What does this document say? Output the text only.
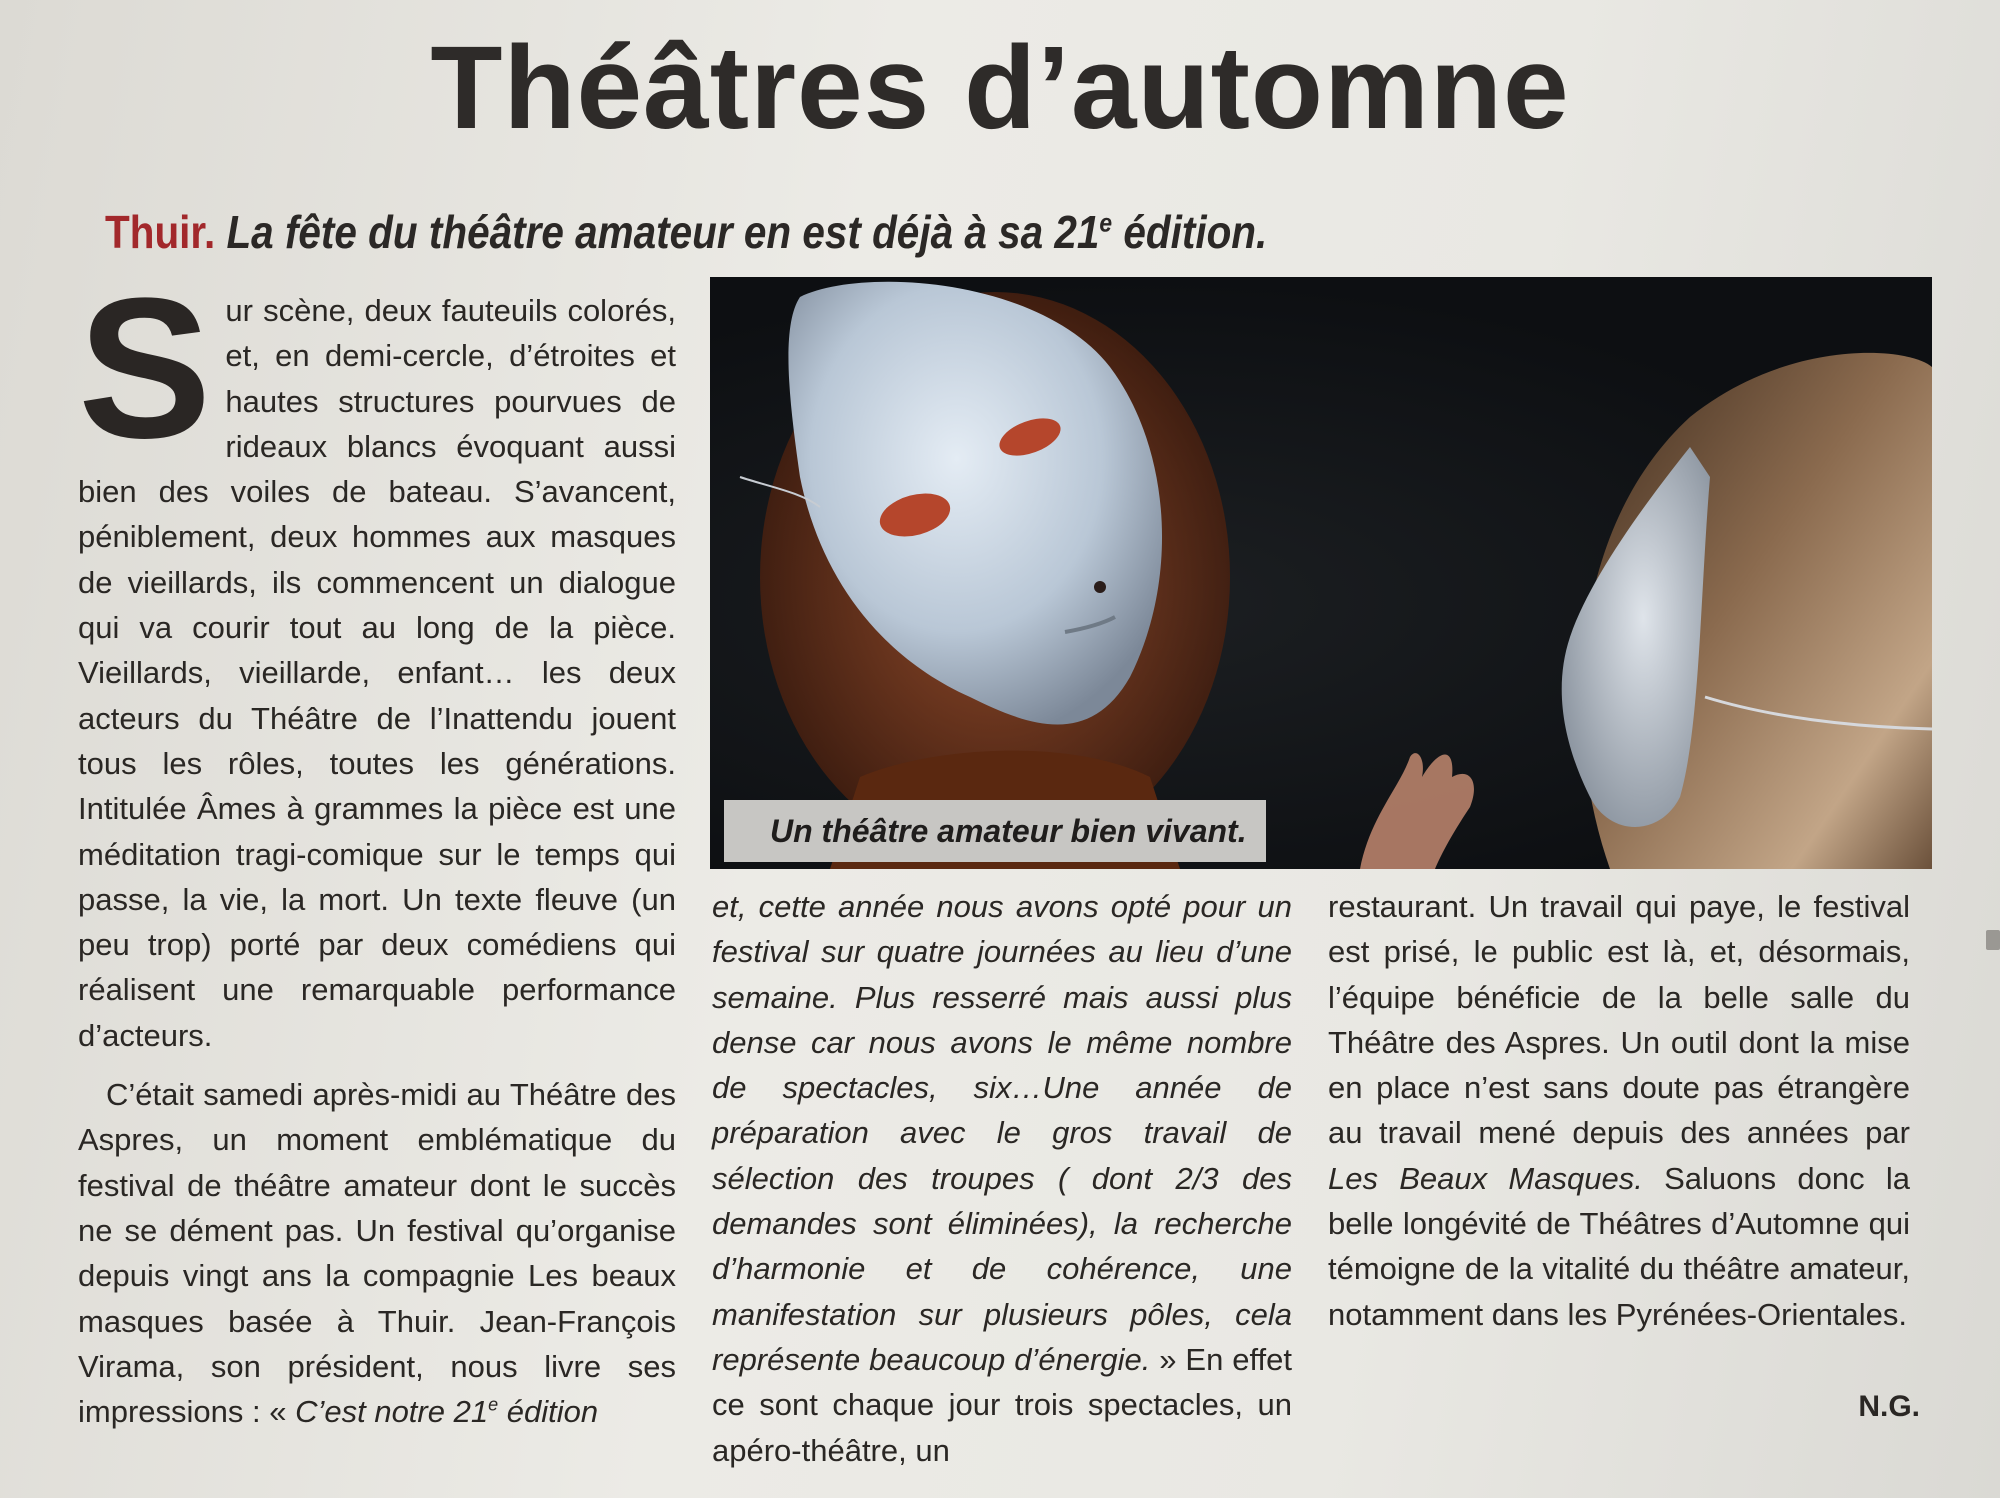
Théâtres d’automne
Thuir. La fête du théâtre amateur en est déjà à sa 21e édition.

Sur scène, deux fauteuils colorés, et, en demi-cercle, d’étroites et hautes structures pourvues de rideaux blancs évoquant aussi bien des voiles de bateau. S’avancent, péniblement, deux hommes aux masques de vieillards, ils commencent un dialogue qui va courir tout au long de la pièce. Vieillards, vieillarde, enfant… les deux acteurs du Théâtre de l’Inattendu jouent tous les rôles, toutes les générations. Intitulée Âmes à grammes la pièce est une méditation tragi-comique sur le temps qui passe, la vie, la mort. Un texte fleuve (un peu trop) porté par deux comédiens qui réalisent une remarquable performance d’acteurs.

C’était samedi après-midi au Théâtre des Aspres, un moment emblématique du festival de théâtre amateur dont le succès ne se dément pas. Un festival qu’organise depuis vingt ans la compagnie Les beaux masques basée à Thuir. Jean-François Virama, son président, nous livre ses impressions : « C’est notre 21e édition

Un théâtre amateur bien vivant.

et, cette année nous avons opté pour un festival sur quatre journées au lieu d’une semaine. Plus resserré mais aussi plus dense car nous avons le même nombre de spectacles, six…Une année de préparation avec le gros travail de sélection des troupes ( dont 2/3 des demandes sont éliminées), la recherche d’harmonie et de cohérence, une manifestation sur plusieurs pôles, cela représente beaucoup d’énergie. » En effet ce sont chaque jour trois spectacles, un apéro-théâtre, un

restaurant. Un travail qui paye, le festival est prisé, le public est là, et, désormais, l’équipe bénéficie de la belle salle du Théâtre des Aspres. Un outil dont la mise en place n’est sans doute pas étrangère au travail mené depuis des années par Les Beaux Masques. Saluons donc la belle longévité de Théâtres d’Automne qui témoigne de la vitalité du théâtre amateur, notamment dans les Pyrénées-Orientales.

N.G.
